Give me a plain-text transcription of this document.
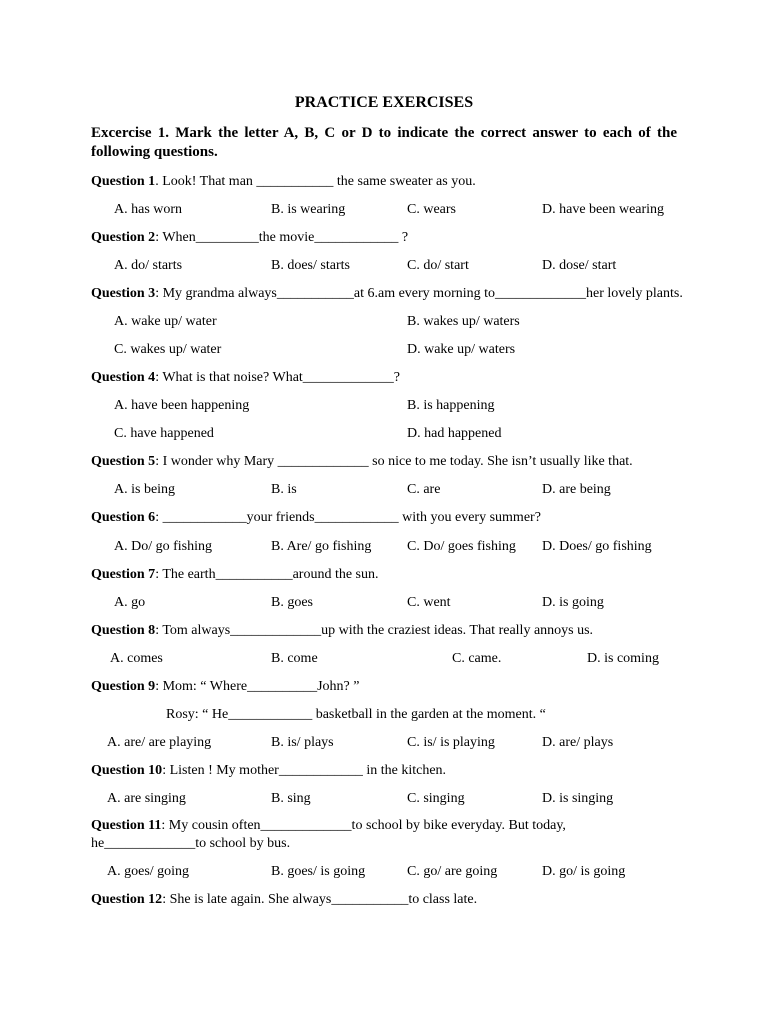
PRACTICE EXERCISES
Excercise 1. Mark the letter A, B, C or D to indicate the correct answer to each of the following questions.
Question 1. Look! That man ___________ the same sweater as you.
A. has worn	B. is wearing	C. wears	D. have been wearing
Question 2: When_________the movie____________ ?
A. do/ starts	B. does/ starts	C. do/ start	D. dose/ start
Question 3: My grandma always___________at 6.am every morning to_____________her lovely plants.
A. wake up/ water	B. wakes up/ waters
C. wakes up/ water	D. wake up/ waters
Question 4: What is that noise? What_____________?
A. have been happening	B. is happening
C. have happened	D. had happened
Question 5: I wonder why Mary _____________ so nice to me today. She isn’t usually like that.
A. is being	B. is	C. are	D. are being
Question 6: ____________your friends____________ with you every summer?
A. Do/ go fishing	B. Are/ go fishing	C. Do/ goes fishing D. Does/ go fishing
Question 7: The earth___________around the sun.
A. go	B. goes	C. went	D. is going
Question 8: Tom always_____________up with the craziest ideas. That really annoys us.
A. comes	B. come	C. came.	D. is coming
Question 9: Mom: “ Where__________John? ”
Rosy: “ He____________ basketball in the garden at the moment. “
A. are/ are playing	B. is/ plays	C. is/ is playing	D. are/ plays
Question 10: Listen ! My mother____________ in the kitchen.
A. are singing	B. sing	C. singing	D. is singing
Question 11: My cousin often_____________to school by bike everyday. But today, he_____________to school by bus.
A. goes/ going	B. goes/ is going	C. go/ are going	D. go/ is going
Question 12: She is late again. She always___________to class late.
